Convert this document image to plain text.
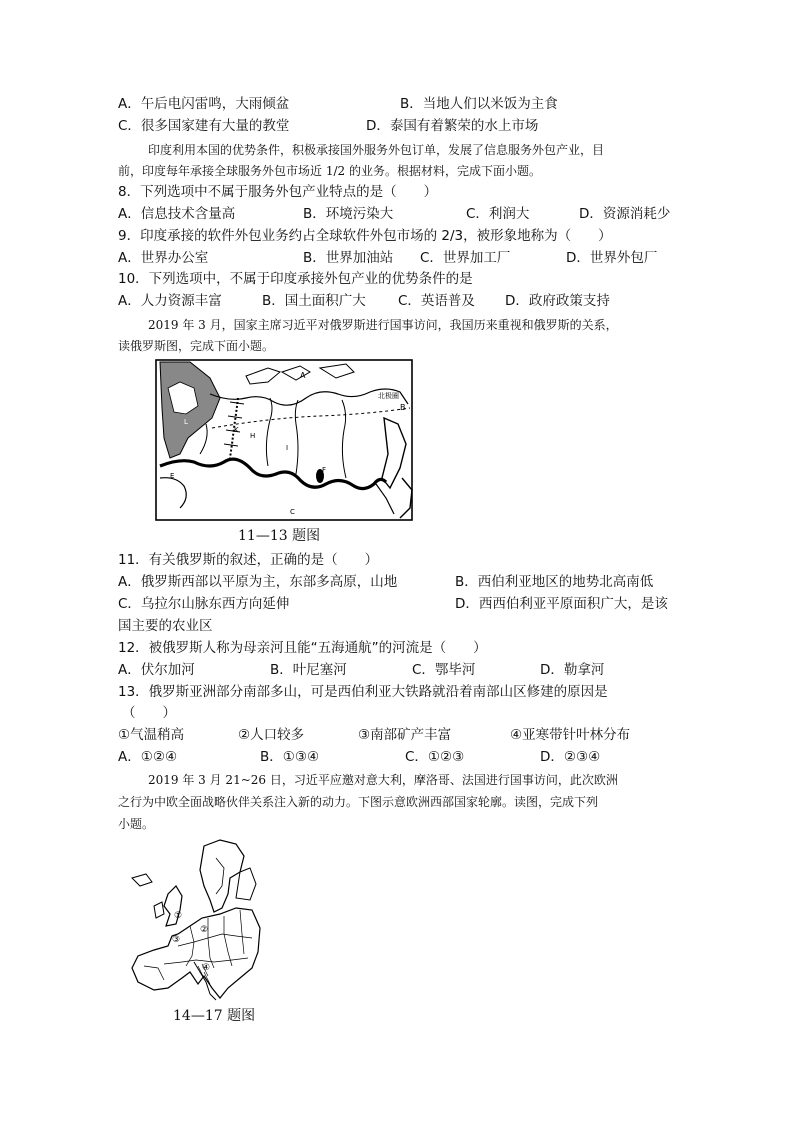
A．午后电闪雷鸣，大雨倾盆	B．当地人们以米饭为主食
C．很多国家建有大量的教堂	D．泰国有着繁荣的水上市场
印度利用本国的优势条件，积极承接国外服务外包订单，发展了信息服务外包产业，目
前，印度每年承接全球服务外包市场近 1/2 的业务。根据材料，完成下面小题。
8．下列选项中不属于服务外包产业特点的是（　　）
A．信息技术含量高	B．环境污染大	C．利润大	D．资源消耗少
9．印度承接的软件外包业务约占全球软件外包市场的 2/3，被形象地称为（　　）
A．世界办公室	B．世界加油站 C．世界加工厂	D．世界外包厂
10．下列选项中，不属于印度承接外包产业的优势条件的是
A．人力资源丰富	B．国土面积广大 C．英语普及 D．政府政策支持
2019 年 3 月，国家主席习近平对俄罗斯进行国事访问，我国历来重视和俄罗斯的关系，
读俄罗斯图，完成下面小题。
A
B
北极圈
M
L
D
K
H
I
F
E
C
11—13 题图
11．有关俄罗斯的叙述，正确的是（　　）
A．俄罗斯西部以平原为主，东部多高原，山地	B．西伯利亚地区的地势北高南低
C．乌拉尔山脉东西方向延伸	D．西西伯利亚平原面积广大，是该
国主要的农业区
12．被俄罗斯人称为母亲河且能“五海通航”的河流是（　　）
A．伏尔加河	B．叶尼塞河	C．鄂毕河	D．勒拿河
13．俄罗斯亚洲部分南部多山，可是西伯利亚大铁路就沿着南部山区修建的原因是
（　　）
①气温稍高	②人口较多	③南部矿产丰富	④亚寒带针叶林分布
A．①②④	B．①③④	C．①②③	D．②③④
2019 年 3 月 21~26 日，习近平应邀对意大利，摩洛哥、法国进行国事访问，此次欧洲
之行为中欧全面战略伙伴关系注入新的动力。下图示意欧洲西部国家轮廓。读图，完成下列
小题。
①
②
③
④
14—17 题图
